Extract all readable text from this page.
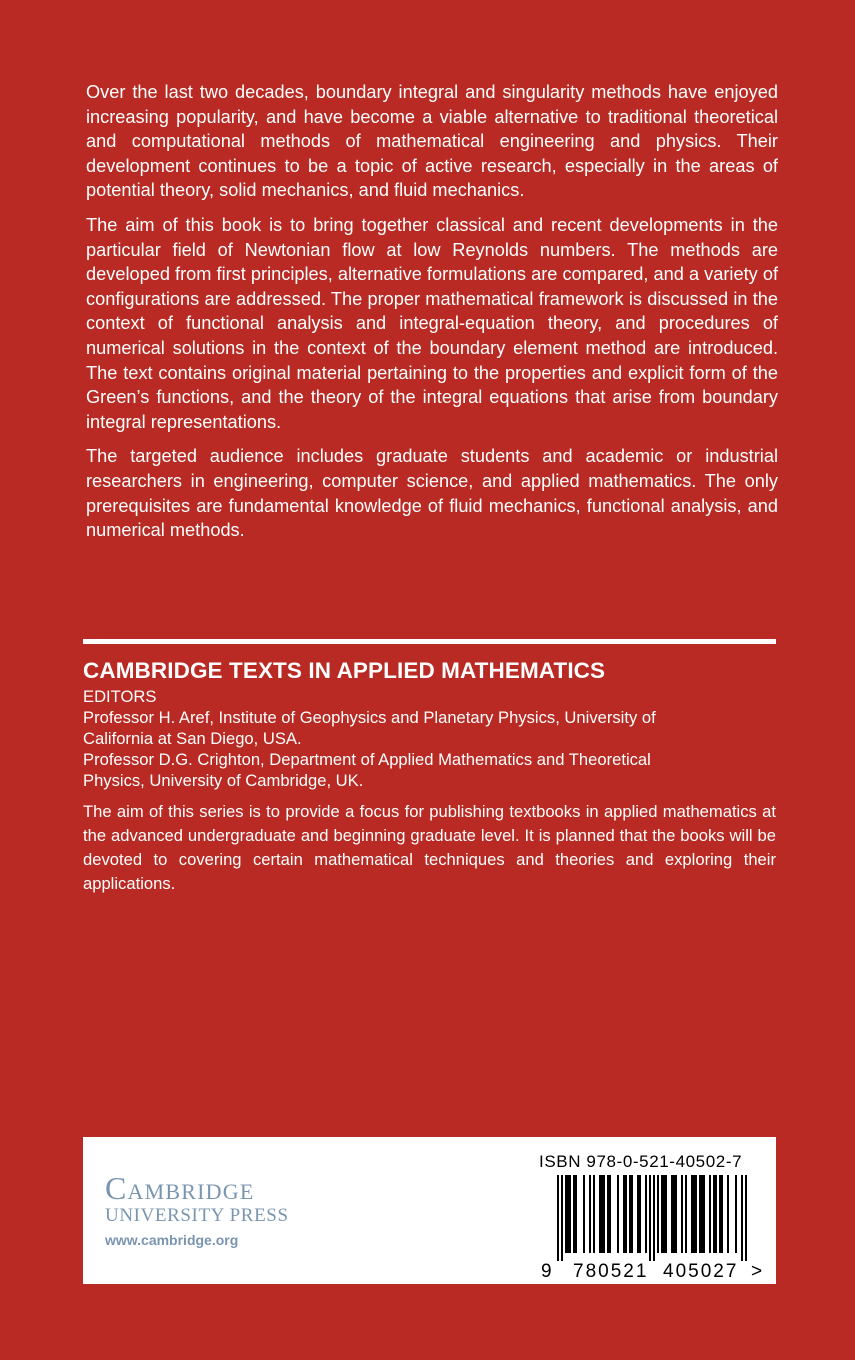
Over the last two decades, boundary integral and singularity methods have enjoyed increasing popularity, and have become a viable alternative to traditional theoretical and computational methods of mathematical engineering and physics. Their development continues to be a topic of active research, especially in the areas of potential theory, solid mechanics, and fluid mechanics.

The aim of this book is to bring together classical and recent developments in the particular field of Newtonian flow at low Reynolds numbers. The methods are developed from first principles, alternative formulations are compared, and a variety of configurations are addressed. The proper mathematical framework is discussed in the context of functional analysis and integral-equation theory, and procedures of numerical solutions in the context of the boundary element method are introduced. The text contains original material pertaining to the properties and explicit form of the Green’s functions, and the theory of the integral equations that arise from boundary integral representations.

The targeted audience includes graduate students and academic or industrial researchers in engineering, computer science, and applied mathematics. The only prerequisites are fundamental knowledge of fluid mechanics, functional analysis, and numerical methods.

CAMBRIDGE TEXTS IN APPLIED MATHEMATICS
EDITORS
Professor H. Aref, Institute of Geophysics and Planetary Physics, University of
California at San Diego, USA.
Professor D.G. Crighton, Department of Applied Mathematics and Theoretical
Physics, University of Cambridge, UK.

The aim of this series is to provide a focus for publishing textbooks in applied mathematics at the advanced undergraduate and beginning graduate level. It is planned that the books will be devoted to covering certain mathematical techniques and theories and exploring their applications.

Cambridge
UNIVERSITY PRESS
www.cambridge.org
ISBN 978-0-521-40502-7
9 780521 405027 >
